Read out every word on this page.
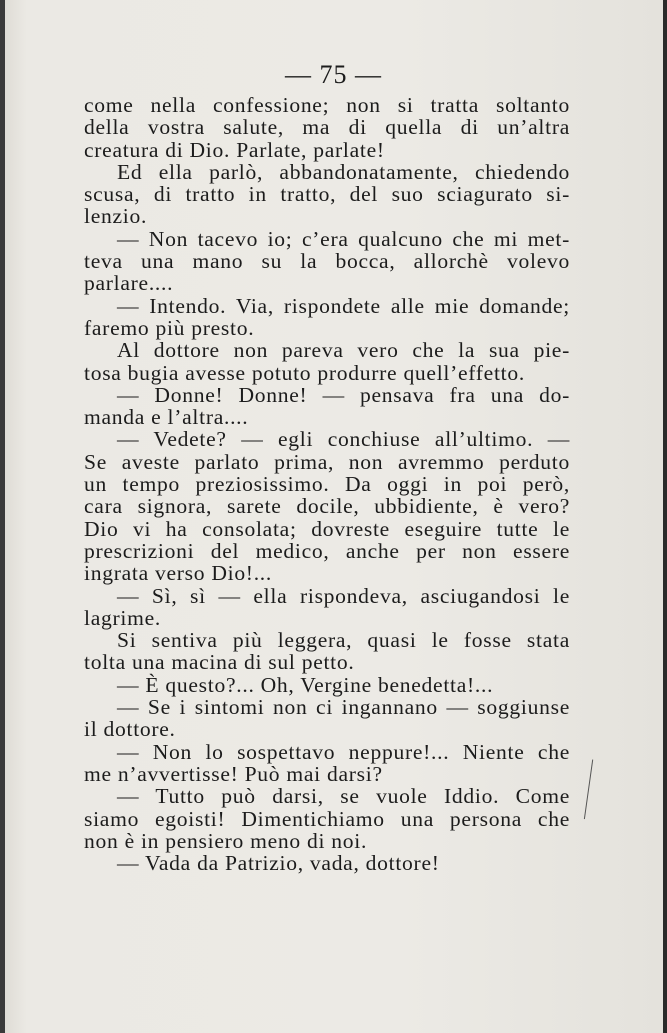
— 75 —
come nella confessione; non si tratta soltanto
della vostra salute, ma di quella di un’altra
creatura di Dio. Parlate, parlate!
Ed ella parlò, abbandonatamente, chiedendo
scusa, di tratto in tratto, del suo sciagurato si-
lenzio.
— Non tacevo io; c’era qualcuno che mi met-
teva una mano su la bocca, allorchè volevo
parlare....
— Intendo. Via, rispondete alle mie domande;
faremo più presto.
Al dottore non pareva vero che la sua pie-
tosa bugia avesse potuto produrre quell’effetto.
— Donne! Donne! — pensava fra una do-
manda e l’altra....
— Vedete? — egli conchiuse all’ultimo. —
Se aveste parlato prima, non avremmo perduto
un tempo preziosissimo. Da oggi in poi però,
cara signora, sarete docile, ubbidiente, è vero?
Dio vi ha consolata; dovreste eseguire tutte le
prescrizioni del medico, anche per non essere
ingrata verso Dio!...
— Sì, sì — ella rispondeva, asciugandosi le
lagrime.
Si sentiva più leggera, quasi le fosse stata
tolta una macina di sul petto.
— È questo?... Oh, Vergine benedetta!...
— Se i sintomi non ci ingannano — soggiunse
il dottore.
— Non lo sospettavo neppure!... Niente che
me n’avvertisse! Può mai darsi?
— Tutto può darsi, se vuole Iddio. Come
siamo egoisti! Dimentichiamo una persona che
non è in pensiero meno di noi.
— Vada da Patrizio, vada, dottore!
